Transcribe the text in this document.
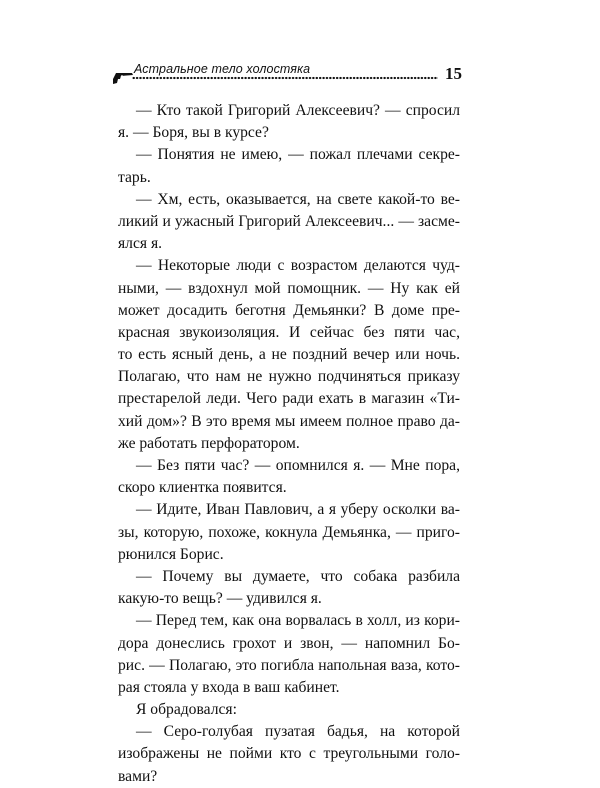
Астральное тело холостяка	15
— Кто такой Григорий Алексеевич? — спросил
я. — Боря, вы в курсе?
— Понятия не имею, — пожал плечами секре-
тарь.
— Хм, есть, оказывается, на свете какой-то ве-
ликий и ужасный Григорий Алексеевич... — засме-
ялся я.
— Некоторые люди с возрастом делаются чуд-
ными, — вздохнул мой помощник. — Ну как ей
может досадить беготня Демьянки? В доме пре-
красная звукоизоляция. И сейчас без пяти час,
то есть ясный день, а не поздний вечер или ночь.
Полагаю, что нам не нужно подчиняться приказу
престарелой леди. Чего ради ехать в магазин «Ти-
хий дом»? В это время мы имеем полное право да-
же работать перфоратором.
— Без пяти час? — опомнился я. — Мне пора,
скоро клиентка появится.
— Идите, Иван Павлович, а я уберу осколки ва-
зы, которую, похоже, кокнула Демьянка, — приго-
рюнился Борис.
— Почему вы думаете, что собака разбила
какую-то вещь? — удивился я.
— Перед тем, как она ворвалась в холл, из кори-
дора донеслись грохот и звон, — напомнил Бо-
рис. — Полагаю, это погибла напольная ваза, кото-
рая стояла у входа в ваш кабинет.
Я обрадовался:
— Серо-голубая пузатая бадья, на которой
изображены не пойми кто с треугольными голо-
вами?
